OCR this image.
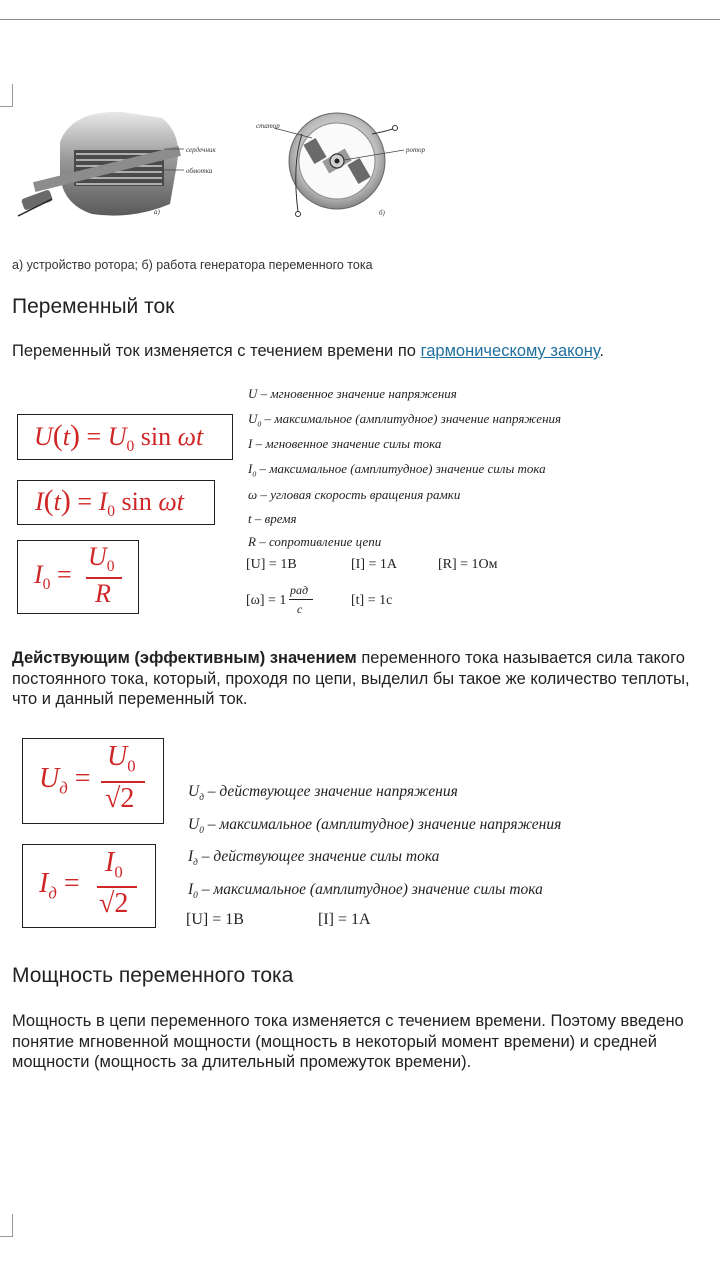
сердечник
обмотка
а)
статор
ротор
б)
а) устройство ротора; б) работа генератора переменного тока
Переменный ток

Переменный ток изменяется с течением времени по гармоническому закону.

$U(t) = U_0$ sin ωt
$I(t) = I_0$ sin ωt
$I_0$ =
$U_0$
R
U – мгновенное значение напряжения
$U_0$ – максимальное (амплитудное) значение напряжения
I – мгновенное значение силы тока
$I_0$ – максимальное (амплитудное) значение силы тока
ω – угловая скорость вращения рамки
t – время
R – сопротивление цепи
[U] = 1B	[I] = 1A	[R] = 1Ом
[ω] = 1
рад
с
[t] = 1с

Действующим (эффективным) значением переменного тока называется сила такого постоянного тока, который, проходя по цепи, выделил бы такое же количество теплоты, что и данный переменный ток.

$U_д$ =
$U_0$
√2
$I_д$ =
$I_0$
√2
$U_д$ – действующее значение напряжения
$U_0$ – максимальное (амплитудное) значение напряжения
$I_д$ – действующее значение силы тока
$I_0$ – максимальное (амплитудное) значение силы тока
[U] = 1B	[I] = 1A
Мощность переменного тока

Мощность в цепи переменного тока изменяется с течением времени. Поэтому введено понятие мгновенной мощности (мощность в некоторый момент времени) и средней мощности (мощность за длительный промежуток времени).
